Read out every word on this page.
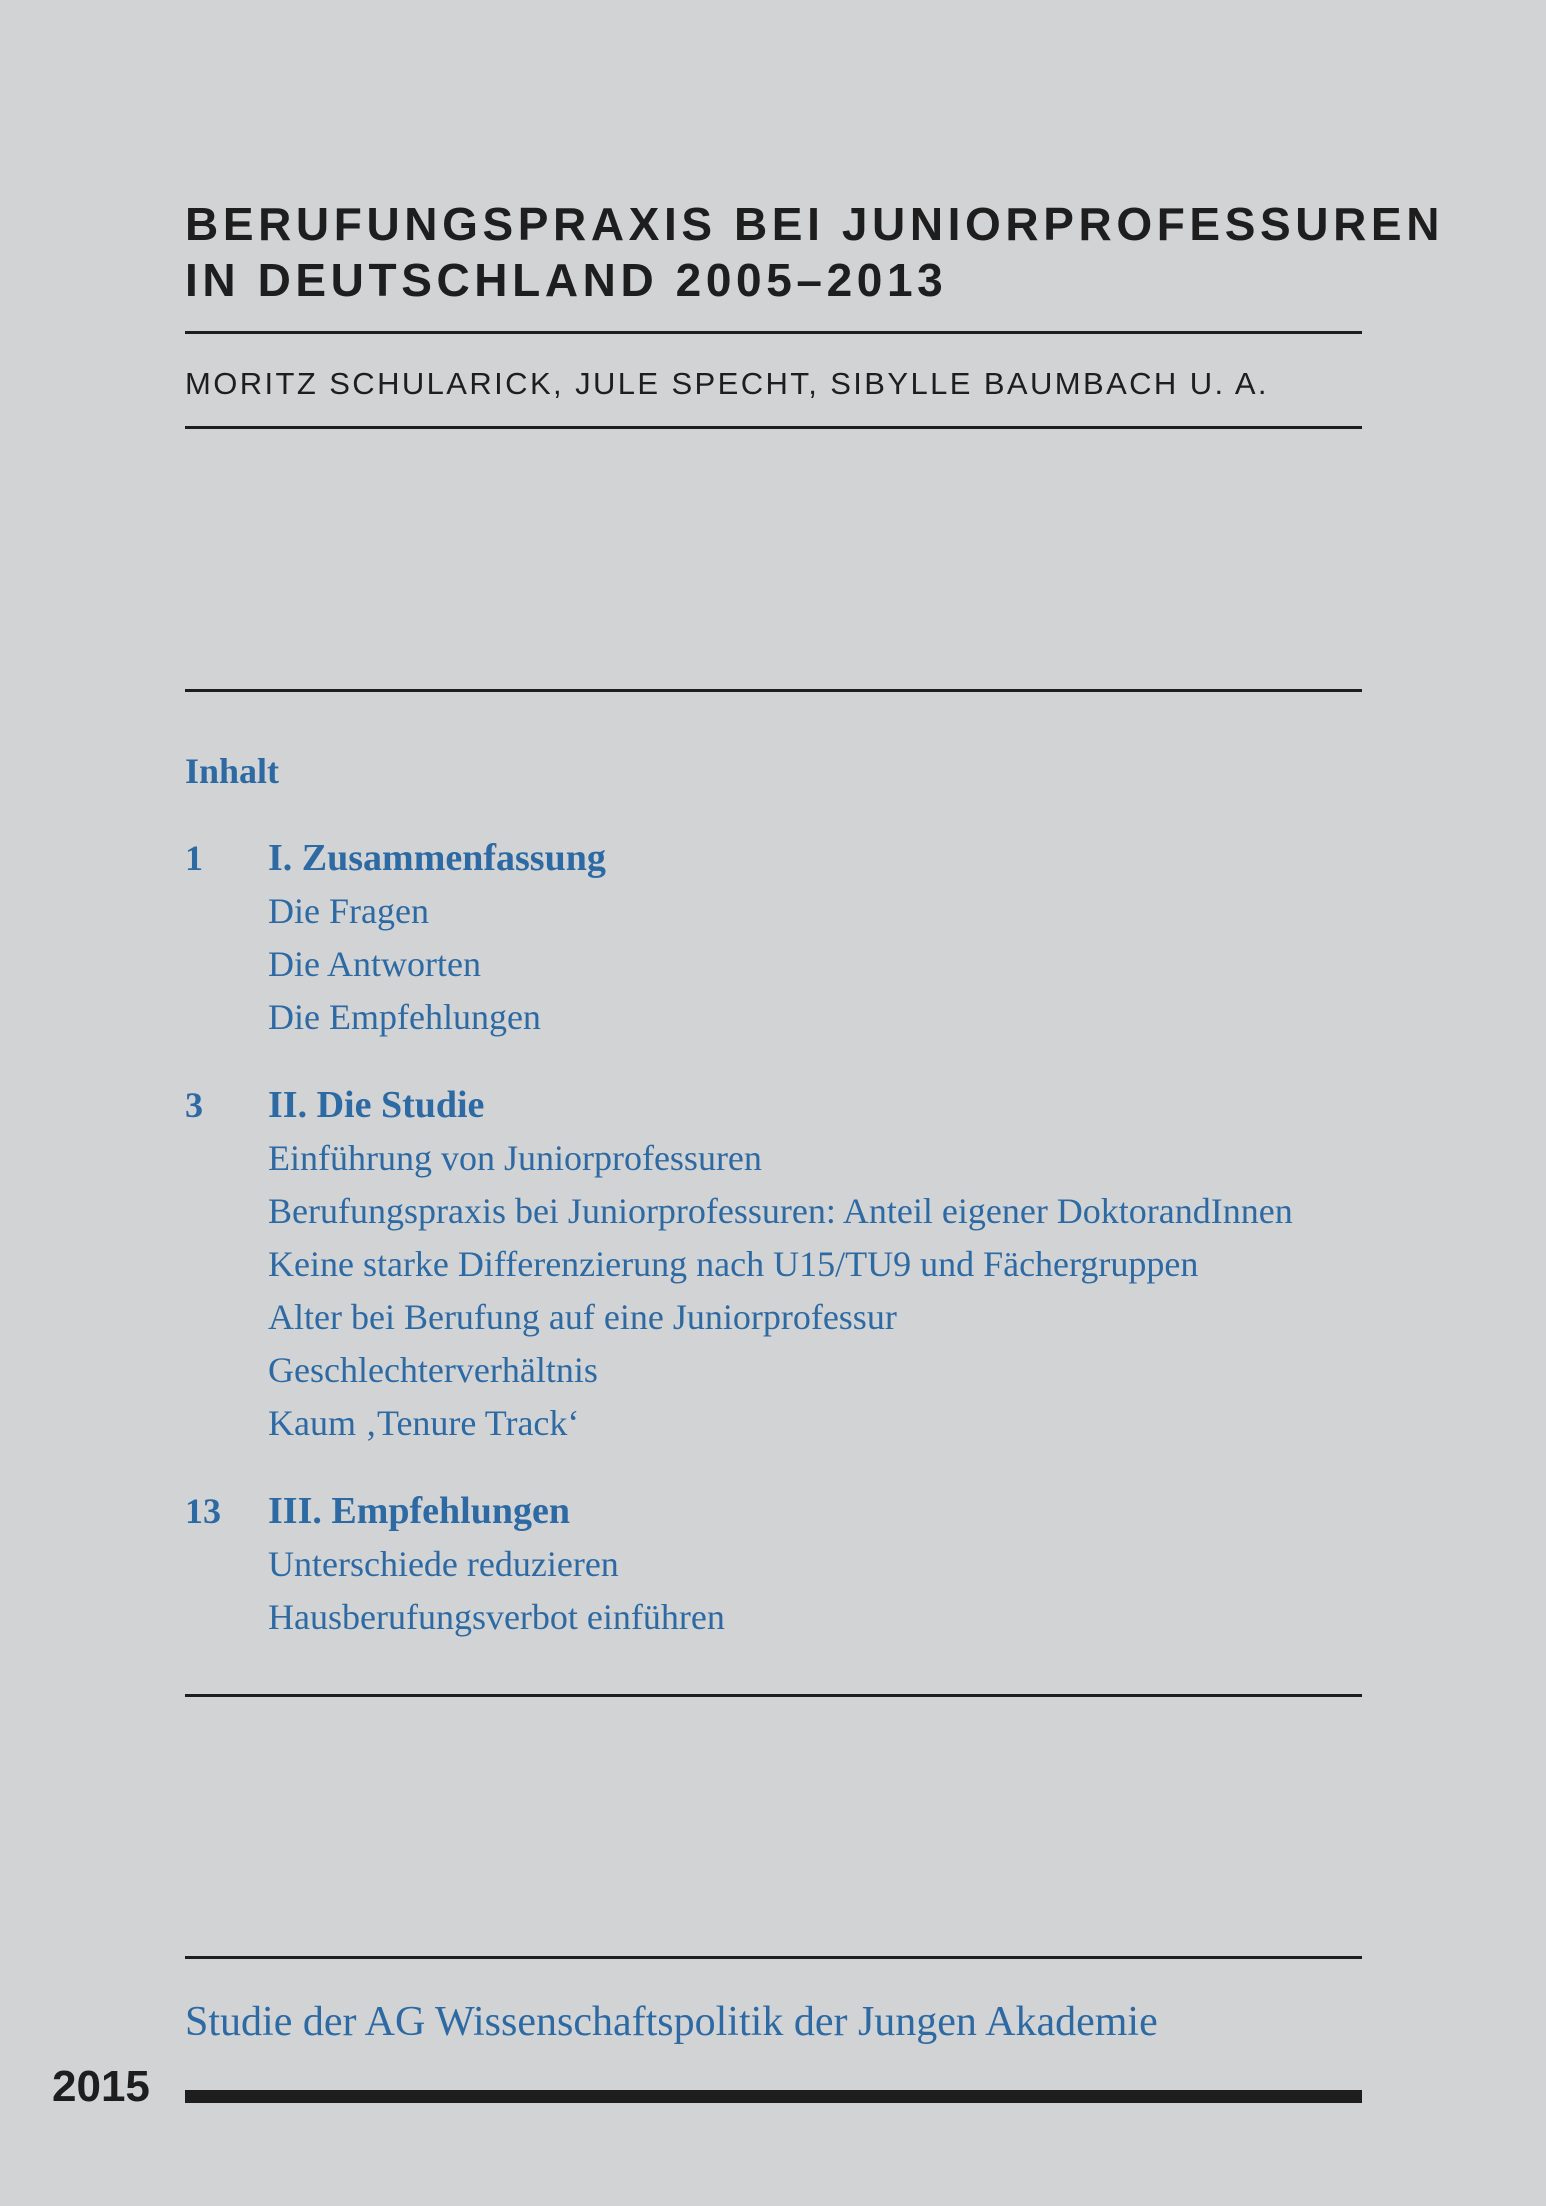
BERUFUNGSPRAXIS BEI JUNIORPROFESSUREN
IN DEUTSCHLAND 2005–2013
MORITZ SCHULARICK, JULE SPECHT, SIBYLLE BAUMBACH U. A.
Inhalt
1 I. Zusammenfassung
Die Fragen
Die Antworten
Die Empfehlungen
3 II. Die Studie
Einführung von Juniorprofessuren
Berufungspraxis bei Juniorprofessuren: Anteil eigener DoktorandInnen
Keine starke Differenzierung nach U15/TU9 und Fächergruppen
Alter bei Berufung auf eine Juniorprofessur
Geschlechterverhältnis
Kaum ‚Tenure Track‘
13 III. Empfehlungen
Unterschiede reduzieren
Hausberufungsverbot einführen
Studie der AG Wissenschaftspolitik der Jungen Akademie
2015
